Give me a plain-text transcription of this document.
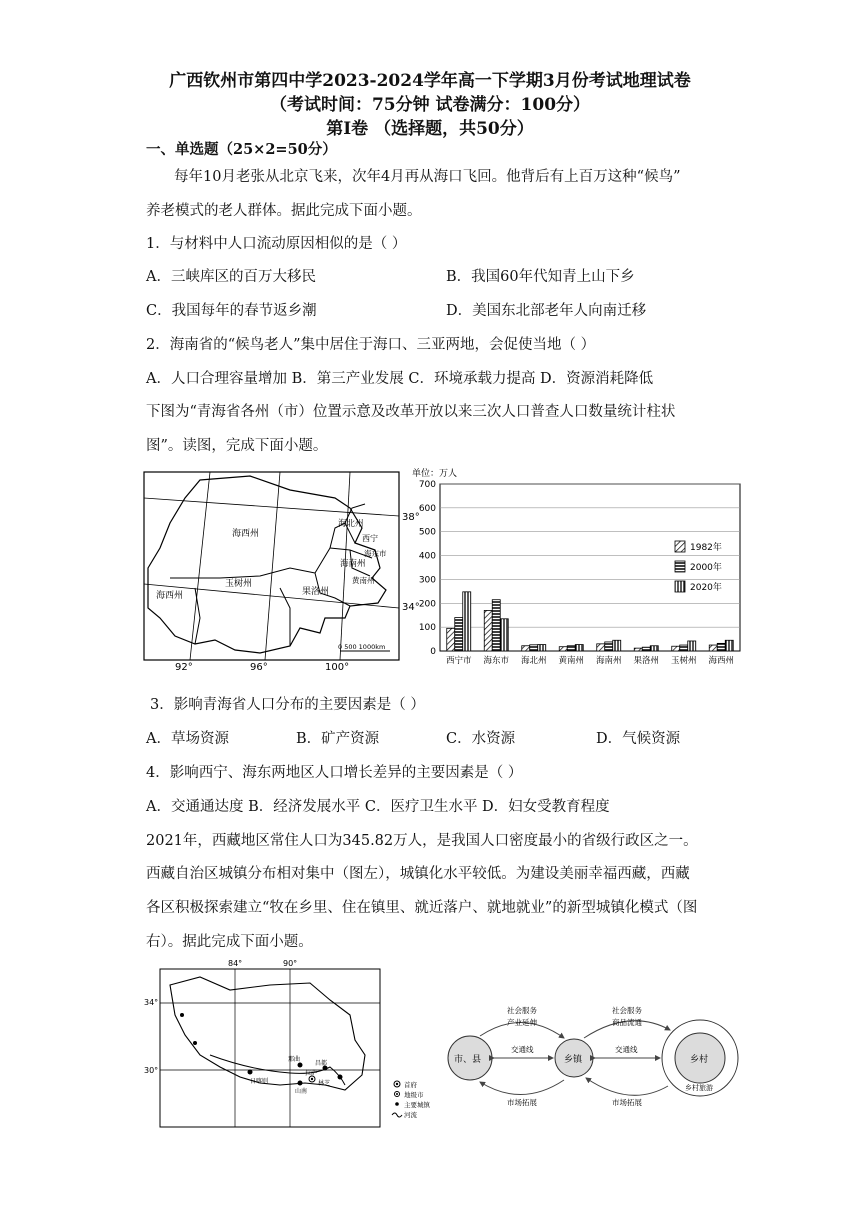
广西钦州市第四中学2023-2024学年高一下学期3月份考试地理试卷
（考试时间：75分钟 试卷满分：100分）
第I卷 （选择题，共50分）
一、单选题（25×2=50分）
每年10月老张从北京飞来，次年4月再从海口飞回。他背后有上百万这种“候鸟”
养老模式的老人群体。据此完成下面小题。
1．与材料中人口流动原因相似的是（ ）
A．三峡库区的百万大移民	B．我国60年代知青上山下乡
C．我国每年的春节返乡潮	D．美国东北部老年人向南迁移
2．海南省的“候鸟老人”集中居住于海口、三亚两地，会促使当地（ ）
A．人口合理容量增加 B．第三产业发展 C．环境承载力提高 D．资源消耗降低
下图为“青海省各州（市）位置示意及改革开放以来三次人口普查人口数量统计柱状
图”。读图，完成下面小题。
海西州
海北州
西宁
海东市
海南州
黄南州
玉树州
果洛州
海西州
38°
34°
92°	96°	100°
0 500 1000km
单位：万人
0
100
200
300
400
500
600
700
西宁市 海东市 海北州 黄南州 海南州 果洛州 玉树州 海西州
1982年
2000年
2020年
3．影响青海省人口分布的主要因素是（ ）
A．草场资源	B．矿产资源	C．水资源	D．气候资源
4．影响西宁、海东两地区人口增长差异的主要因素是（ ）
A．交通通达度 B．经济发展水平 C．医疗卫生水平 D．妇女受教育程度
2021年，西藏地区常住人口为345.82万人，是我国人口密度最小的省级行政区之一。
西藏自治区城镇分布相对集中（图左），城镇化水平较低。为建设美丽幸福西藏，西藏
各区积极探索建立“牧在乡里、住在镇里、就近落户、就地就业”的新型城镇化模式（图
右）。据此完成下面小题。
84°	90°
34°
30°
那曲
昌都
拉萨
林芝
日喀则
山南
首府
地级市
主要城镇
河流
市、县	乡镇	乡村
乡村旅游
社会服务
产业延伸
交通线
市场拓展
社会服务
商品流通
交通线
市场拓展
